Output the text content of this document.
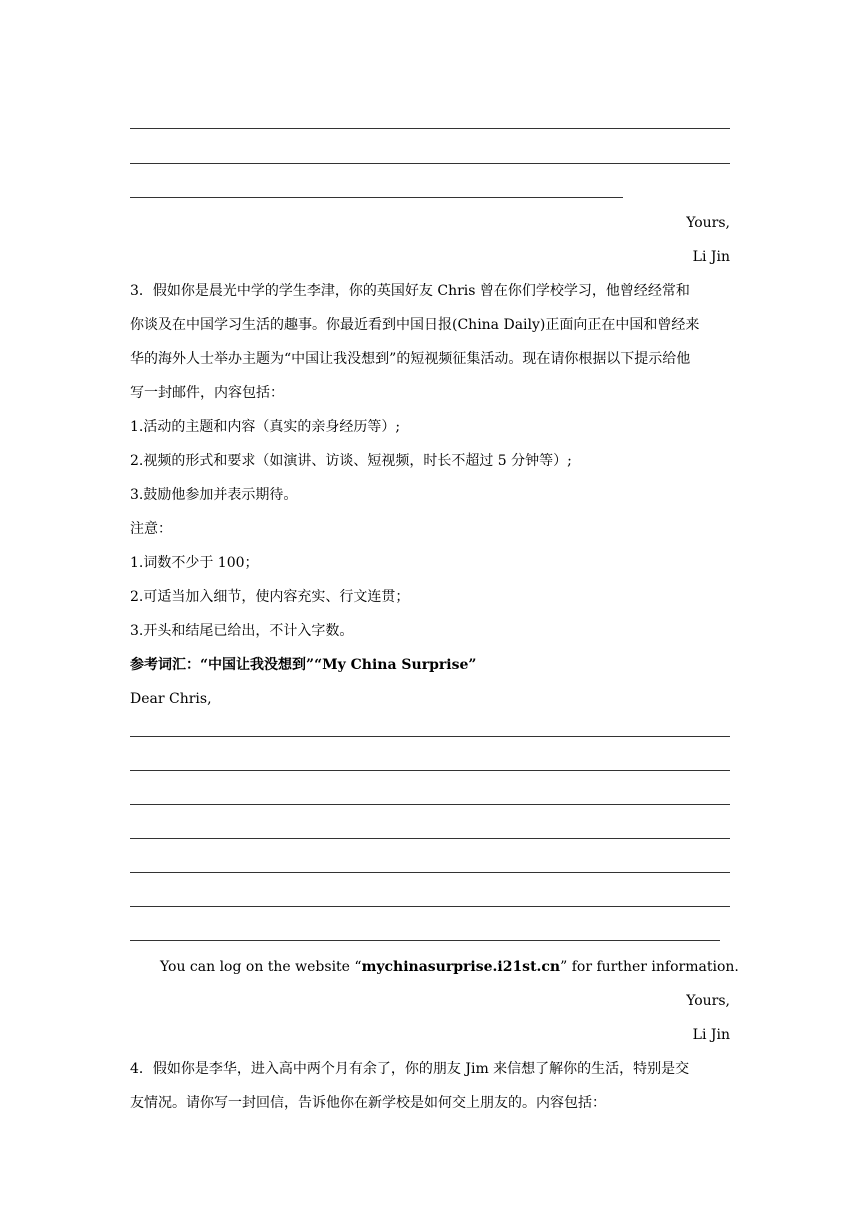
Yours,
Li Jin
3．假如你是晨光中学的学生李津，你的英国好友 Chris 曾在你们学校学习，他曾经经常和
你谈及在中国学习生活的趣事。你最近看到中国日报(China Daily)正面向正在中国和曾经来
华的海外人士举办主题为“中国让我没想到”的短视频征集活动。现在请你根据以下提示给他
写一封邮件，内容包括：
1.活动的主题和内容（真实的亲身经历等）;
2.视频的形式和要求（如演讲、访谈、短视频，时长不超过 5 分钟等）;
3.鼓励他参加并表示期待。
注意：
1.词数不少于 100；
2.可适当加入细节，使内容充实、行文连贯；
3.开头和结尾已给出，不计入字数。
参考词汇：“中国让我没想到”“My China Surprise”
Dear Chris,
You can log on the website “mychinasurprise.i21st.cn” for further information.
Yours,
Li Jin
4．假如你是李华，进入高中两个月有余了，你的朋友 Jim 来信想了解你的生活，特别是交
友情况。请你写一封回信，告诉他你在新学校是如何交上朋友的。内容包括：
